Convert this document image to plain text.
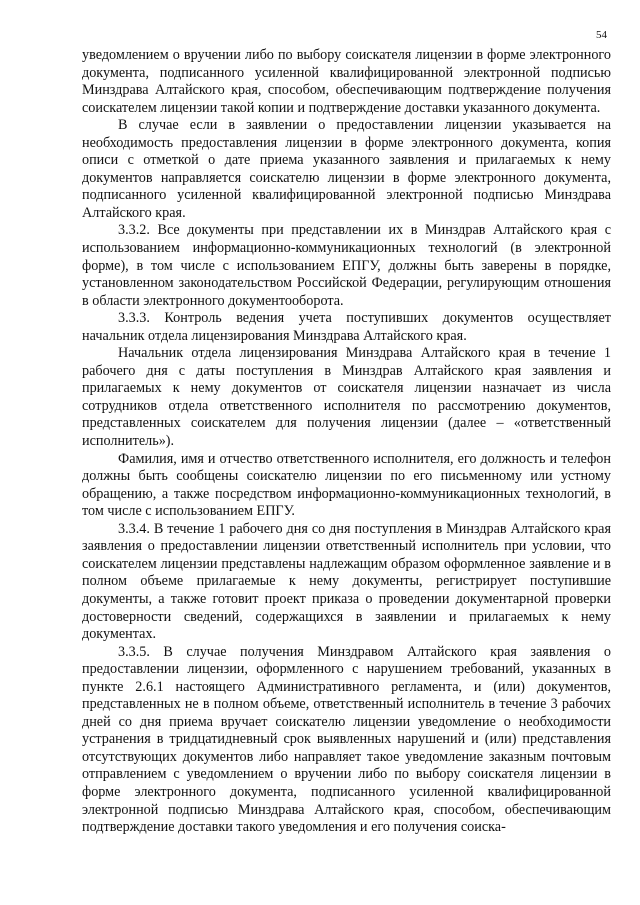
54

уведомлением о вручении либо по выбору соискателя лицензии в форме электронного документа, подписанного усиленной квалифицированной электронной подписью Минздрава Алтайского края, способом, обеспечивающим подтверждение получения соискателем лицензии такой копии и подтверждение доставки указанного документа.

В случае если в заявлении о предоставлении лицензии указывается на необходимость предоставления лицензии в форме электронного документа, копия описи с отметкой о дате приема указанного заявления и прилагаемых к нему документов направляется соискателю лицензии в форме электронного документа, подписанного усиленной квалифицированной электронной подписью Минздрава Алтайского края.

3.3.2. Все документы при представлении их в Минздрав Алтайского края с использованием информационно-коммуникационных технологий (в электронной форме), в том числе с использованием ЕПГУ, должны быть заверены в порядке, установленном законодательством Российской Федерации, регулирующим отношения в области электронного документооборота.

3.3.3. Контроль ведения учета поступивших документов осуществляет начальник отдела лицензирования Минздрава Алтайского края.

Начальник отдела лицензирования Минздрава Алтайского края в течение 1 рабочего дня с даты поступления в Минздрав Алтайского края заявления и прилагаемых к нему документов от соискателя лицензии назначает из числа сотрудников отдела ответственного исполнителя по рассмотрению документов, представленных соискателем для получения лицензии (далее – «ответственный исполнитель»).

Фамилия, имя и отчество ответственного исполнителя, его должность и телефон должны быть сообщены соискателю лицензии по его письменному или устному обращению, а также посредством информационно-коммуникационных технологий, в том числе с использованием ЕПГУ.

3.3.4. В течение 1 рабочего дня со дня поступления в Минздрав Алтайского края заявления о предоставлении лицензии ответственный исполнитель при условии, что соискателем лицензии представлены надлежащим образом оформленное заявление и в полном объеме прилагаемые к нему документы, регистрирует поступившие документы, а также готовит проект приказа о проведении документарной проверки достоверности сведений, содержащихся в заявлении и прилагаемых к нему документах.

3.3.5. В случае получения Минздравом Алтайского края заявления о предоставлении лицензии, оформленного с нарушением требований, указанных в пункте 2.6.1 настоящего Административного регламента, и (или) документов, представленных не в полном объеме, ответственный исполнитель в течение 3 рабочих дней со дня приема вручает соискателю лицензии уведомление о необходимости устранения в тридцатидневный срок выявленных нарушений и (или) представления отсутствующих документов либо направляет такое уведомление заказным почтовым отправлением с уведомлением о вручении либо по выбору соискателя лицензии в форме электронного документа, подписанного усиленной квалифицированной электронной подписью Минздрава Алтайского края, способом, обеспечивающим подтверждение доставки такого уведомления и его получения соиска-
